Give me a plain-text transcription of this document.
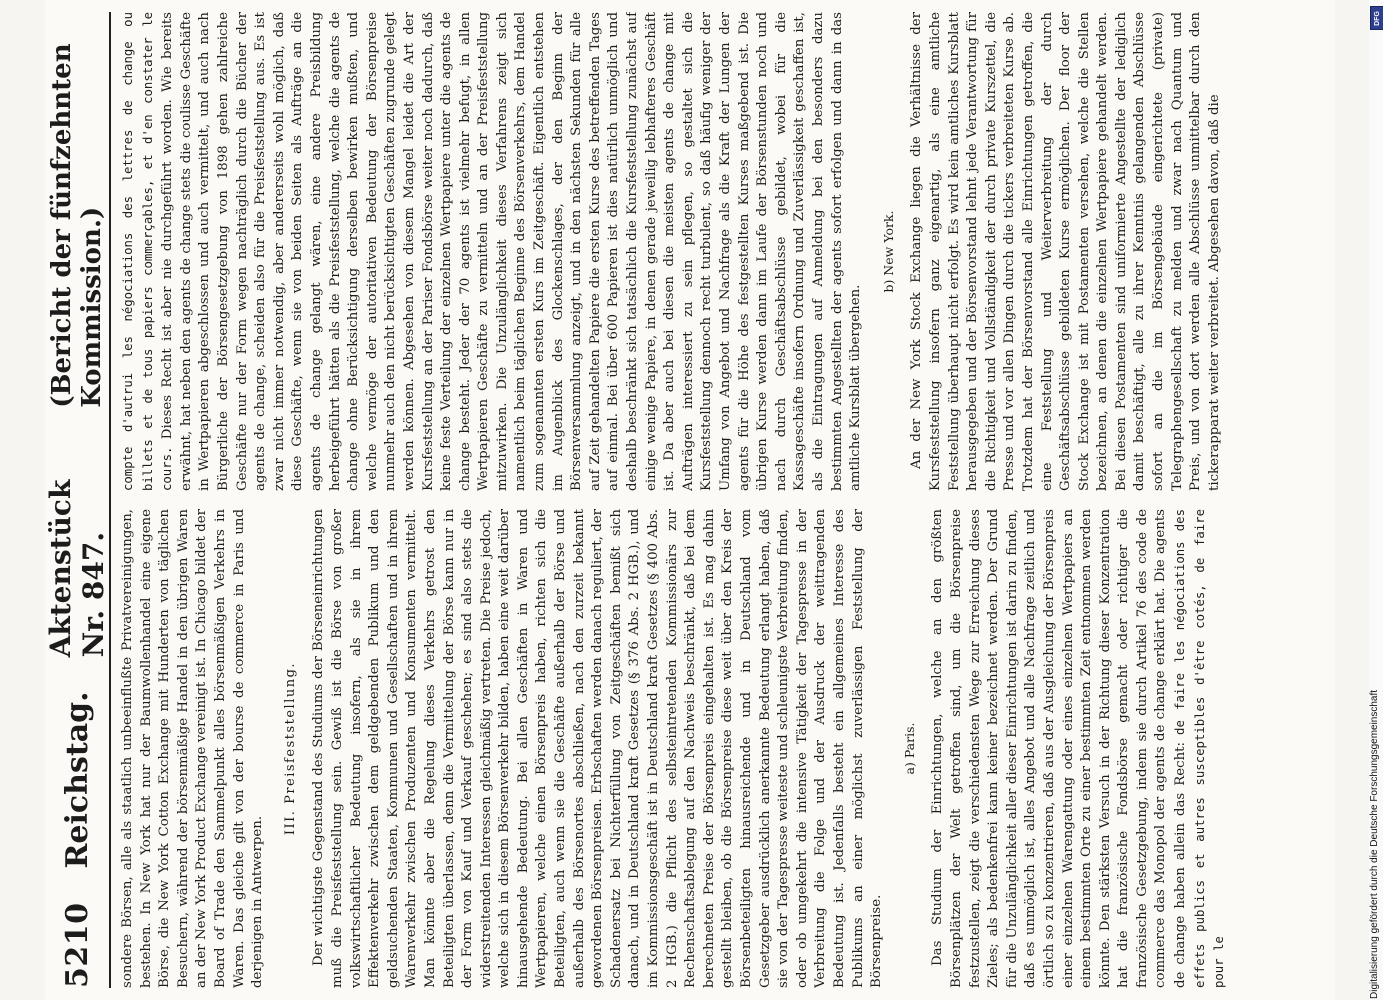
5210
Reichstag.
Aktenstück Nr. 847.
(Bericht der fünfzehnten Kommission.)

sondere Börsen, alle als staatlich unbeeinflußte Privatvereinigungen, bestehen. In New York hat nur der Baumwollenhandel eine eigene Börse, die New York Cotton Exchange mit Hunderten von täglichen Besuchern, während der börsenmäßige Handel in den übrigen Waren an der New York Product Exchange vereinigt ist. In Chicago bildet der Board of Trade den Sammelpunkt alles börsenmäßigen Verkehrs in Waren. Das gleiche gilt von der bourse de commerce in Paris und derjenigen in Antwerpen.

III. Preisfeststellung. Der wichtigste Gegenstand des Studiums der Börseneinrichtungen muß die Preisfeststellung sein. Gewiß ist die Börse von großer volkswirtschaftlicher Bedeutung insofern, als sie in ihrem Effektenverkehr zwischen dem geldgebenden Publikum und den geldsuchenden Staaten, Kommunen und Gesellschaften und in ihrem Warenverkehr zwischen Produzenten und Konsumenten vermittelt. Man könnte aber die Regelung dieses Verkehrs getrost den Beteiligten überlassen, denn die Vermittelung der Börse kann nur in der Form von Kauf und Verkauf geschehen; es sind also stets die widerstreitenden Interessen gleichmäßig vertreten. Die Preise jedoch, welche sich in diesem Börsenverkehr bilden, haben eine weit darüber hinausgehende Bedeutung. Bei allen Geschäften in Waren und Wertpapieren, welche einen Börsenpreis haben, richten sich die Beteiligten, auch wenn sie die Geschäfte außerhalb der Börse und außerhalb des Börsenortes abschließen, nach den zurzeit bekannt gewordenen Börsenpreisen. Erbschaften werden danach reguliert, der Schadenersatz bei Nichterfüllung von Zeitgeschäften bemißt sich danach, und in Deutschland kraft Gesetzes (§ 376 Abs. 2 HGB.), und im Kommissionsgeschäft ist in Deutschland kraft Gesetzes (§ 400 Abs. 2 HGB.) die Pflicht des selbsteintretenden Kommissionärs zur Rechenschaftsablegung auf den Nachweis beschränkt, daß bei dem berechneten Preise der Börsenpreis eingehalten ist. Es mag dahin gestellt bleiben, ob die Börsenpreise diese weit über den Kreis der Börsenbeteiligten hinausreichende und in Deutschland vom Gesetzgeber ausdrücklich anerkannte Bedeutung erlangt haben, daß sie von der Tagespresse weiteste und schleunigste Verbreitung finden, oder ob umgekehrt die intensive Tätigkeit der Tagespresse in der Verbreitung die Folge und der Ausdruck der weittragenden Bedeutung ist. Jedenfalls besteht ein allgemeines Interesse des Publikums an einer möglichst zuverlässigen Feststellung der Börsenpreise.

a) Paris. Das Studium der Einrichtungen, welche an den größten Börsenplätzen der Welt getroffen sind, um die Börsenpreise festzustellen, zeigt die verschiedensten Wege zur Erreichung dieses Zieles; als bedenkenfrei kann keiner bezeichnet werden. Der Grund für die Unzulänglichkeit aller dieser Einrichtungen ist darin zu finden, daß es unmöglich ist, alles Angebot und alle Nachfrage zeitlich und örtlich so zu konzentrieren, daß aus der Ausgleichung der Börsenpreis einer einzelnen Warengattung oder eines einzelnen Wertpapiers an einem bestimmten Orte zu einer bestimmten Zeit entnommen werden könnte. Den stärksten Versuch in der Richtung dieser Konzentration hat die französische Fondsbörse gemacht oder richtiger die französische Gesetzgebung, indem sie durch Artikel 76 des code de commerce das Monopol der agents de change erklärt hat. Die agents de change haben allein das Recht: de faire les négociations des effets publics et autres susceptibles d'être cotés, de faire pour le

compte d'autrui les négociations des lettres de change ou billets et de tous papiers commerçables, et d'en constater le cours. Dieses Recht ist aber nie durchgeführt worden. Wie bereits erwähnt, hat neben den agents de change stets die coulisse Geschäfte in Wertpapieren abgeschlossen und auch vermittelt, und auch nach Bürgerliche der Börsengesetzgebung von 1898 gehen zahlreiche Geschäfte nur der Form wegen nachträglich durch die Bücher der agents de change, scheiden also für die Preisfeststellung aus. Es ist zwar nicht immer notwendig, aber andererseits wohl möglich, daß diese Geschäfte, wenn sie von beiden Seiten als Aufträge an die agents de change gelangt wären, eine andere Preisbildung herbeigeführt hätten als die Preisfeststellung, welche die agents de change ohne Berücksichtigung derselben bewirken mußten, und welche vermöge der autoritativen Bedeutung der Börsenpreise nunmehr auch den nicht berücksichtigten Geschäften zugrunde gelegt werden können. Abgesehen von diesem Mangel leidet die Art der Kursfeststellung an der Pariser Fondsbörse weiter noch dadurch, daß keine feste Verteilung der einzelnen Wertpapiere unter die agents de change besteht. Jeder der 70 agents ist vielmehr befugt, in allen Wertpapieren Geschäfte zu vermitteln und an der Preisfeststellung mitzuwirken. Die Unzulänglichkeit dieses Verfahrens zeigt sich namentlich beim täglichen Beginne des Börsenverkehrs, dem Handel zum sogenannten ersten Kurs im Zeitgeschäft. Eigentlich entstehen im Augenblick des Glockenschlages, der den Beginn der Börsenversammlung anzeigt, und in den nächsten Sekunden für alle auf Zeit gehandelten Papiere die ersten Kurse des betreffenden Tages auf einmal. Bei über 600 Papieren ist dies natürlich unmöglich und deshalb beschränkt sich tatsächlich die Kursfeststellung zunächst auf einige wenige Papiere, in denen gerade jeweilig lebhafteres Geschäft ist. Da aber auch bei diesen die meisten agents de change mit Aufträgen interessiert zu sein pflegen, so gestaltet sich die Kursfeststellung dennoch recht turbulent, so daß häufig weniger der Umfang von Angebot und Nachfrage als die Kraft der Lungen der agents für die Höhe des festgestellten Kurses maßgebend ist. Die übrigen Kurse werden dann im Laufe der Börsenstunden noch und nach durch Geschäftsabschlüsse gebildet, wobei für die Kassageschäfte insofern Ordnung und Zuverlässigkeit geschaffen ist, als die Eintragungen auf Anmeldung bei den besonders dazu bestimmten Angestellten der agents sofort erfolgen und dann in das amtliche Kursblatt übergehen.

b) New York. An der New York Stock Exchange liegen die Verhältnisse der Kursfeststellung insofern ganz eigenartig, als eine amtliche Feststellung überhaupt nicht erfolgt. Es wird kein amtliches Kursblatt herausgegeben und der Börsenvorstand lehnt jede Verantwortung für die Richtigkeit und Vollständigkeit der durch private Kurszettel, die Presse und vor allen Dingen durch die tickers verbreiteten Kurse ab. Trotzdem hat der Börsenvorstand alle Einrichtungen getroffen, die eine Feststellung und Weiterverbreitung der durch Geschäftsabschlüsse gebildeten Kurse ermöglichen. Der floor der Stock Exchange ist mit Postamenten versehen, welche die Stellen bezeichnen, an denen die einzelnen Wertpapiere gehandelt werden. Bei diesen Postamenten sind uniformierte Angestellte der lediglich damit beschäftigt, alle zu ihrer Kenntnis gelangenden Abschlüsse sofort an die im Börsengebäude eingerichtete (private) Telegraphengesellschaft zu melden und zwar nach Quantum und Preis, und von dort werden alle Abschlüsse unmittelbar durch den tickerapparat weiter verbreitet. Abgesehen davon, daß die

Digitalisierung gefördert durch die Deutsche Forschungsgemeinschaft
DFG
